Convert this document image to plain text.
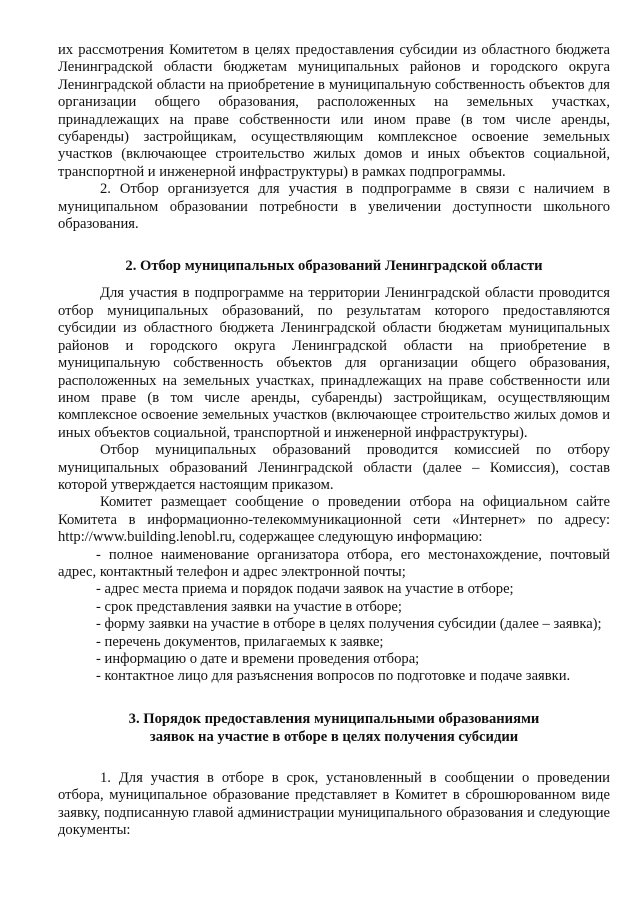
их рассмотрения Комитетом в целях предоставления субсидии из областного бюджета Ленинградской области бюджетам муниципальных районов и городского округа Ленинградской области на приобретение в муниципальную собственность объектов для организации общего образования, расположенных на земельных участках, принадлежащих на праве собственности или ином праве (в том числе аренды, субаренды) застройщикам, осуществляющим комплексное освоение земельных участков (включающее строительство жилых домов и иных объектов социальной, транспортной и инженерной инфраструктуры) в рамках подпрограммы.

2. Отбор организуется для участия в подпрограмме в связи с наличием в муниципальном образовании потребности в увеличении доступности школьного образования.

2. Отбор муниципальных образований Ленинградской области

Для участия в подпрограмме на территории Ленинградской области проводится отбор муниципальных образований, по результатам которого предоставляются субсидии из областного бюджета Ленинградской области бюджетам муниципальных районов и городского округа Ленинградской области на приобретение в муниципальную собственность объектов для организации общего образования, расположенных на земельных участках, принадлежащих на праве собственности или ином праве (в том числе аренды, субаренды) застройщикам, осуществляющим комплексное освоение земельных участков (включающее строительство жилых домов и иных объектов социальной, транспортной и инженерной инфраструктуры).

Отбор муниципальных образований проводится комиссией по отбору муниципальных образований Ленинградской области (далее – Комиссия), состав которой утверждается настоящим приказом.

Комитет размещает сообщение о проведении отбора на официальном сайте Комитета в информационно-телекоммуникационной сети «Интернет» по адресу: http://www.building.lenobl.ru, содержащее следующую информацию:

- полное наименование организатора отбора, его местонахождение, почтовый адрес, контактный телефон и адрес электронной почты;

- адрес места приема и порядок подачи заявок на участие в отборе;

- срок представления заявки на участие в отборе;

- форму заявки на участие в отборе в целях получения субсидии (далее – заявка);

- перечень документов, прилагаемых к заявке;

- информацию о дате и времени проведения отбора;

- контактное лицо для разъяснения вопросов по подготовке и подаче заявки.

3. Порядок предоставления муниципальными образованиями

заявок на участие в отборе в целях получения субсидии

1. Для участия в отборе в срок, установленный в сообщении о проведении отбора, муниципальное образование представляет в Комитет в сброшюрованном виде заявку, подписанную главой администрации муниципального образования и следующие документы:
